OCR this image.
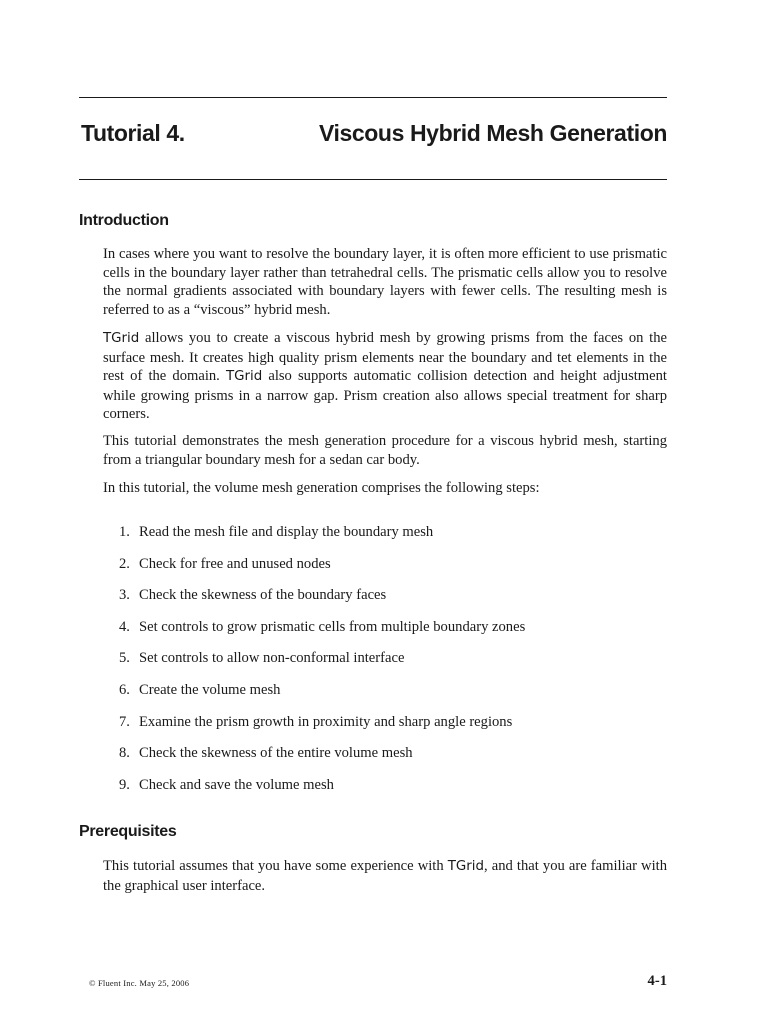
Tutorial 4.	Viscous Hybrid Mesh Generation
Introduction

In cases where you want to resolve the boundary layer, it is often more efficient to use prismatic cells in the boundary layer rather than tetrahedral cells. The prismatic cells allow you to resolve the normal gradients associated with boundary layers with fewer cells. The resulting mesh is referred to as a “viscous” hybrid mesh.

TGrid allows you to create a viscous hybrid mesh by growing prisms from the faces on the surface mesh. It creates high quality prism elements near the boundary and tet elements in the rest of the domain. TGrid also supports automatic collision detection and height adjustment while growing prisms in a narrow gap. Prism creation also allows special treatment for sharp corners.

This tutorial demonstrates the mesh generation procedure for a viscous hybrid mesh, starting from a triangular boundary mesh for a sedan car body.

In this tutorial, the volume mesh generation comprises the following steps:

1. Read the mesh file and display the boundary mesh
2. Check for free and unused nodes
3. Check the skewness of the boundary faces
4. Set controls to grow prismatic cells from multiple boundary zones
5. Set controls to allow non-conformal interface
6. Create the volume mesh
7. Examine the prism growth in proximity and sharp angle regions
8. Check the skewness of the entire volume mesh
9. Check and save the volume mesh
Prerequisites

This tutorial assumes that you have some experience with TGrid, and that you are familiar with the graphical user interface.

© Fluent Inc. May 25, 2006	4-1
